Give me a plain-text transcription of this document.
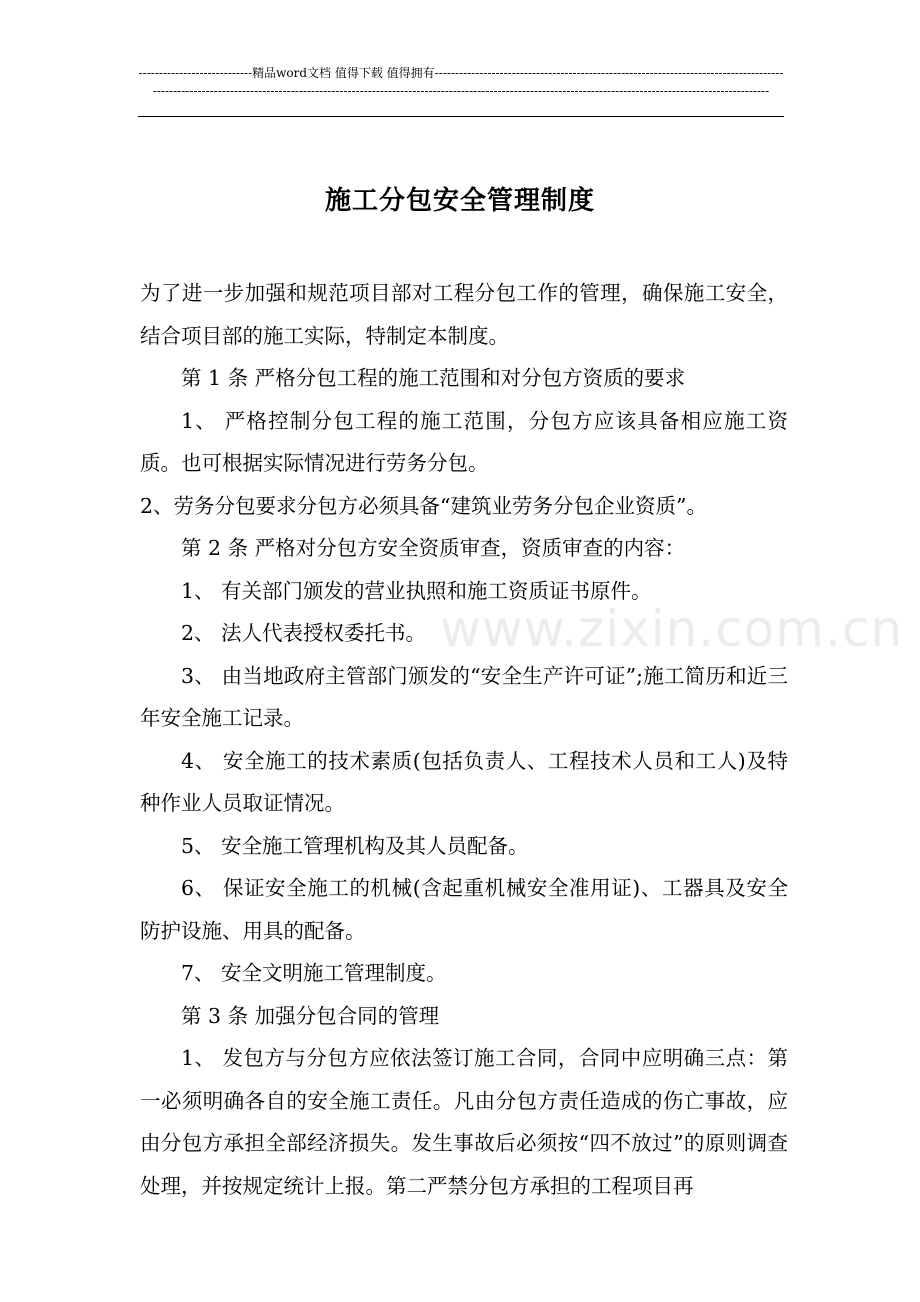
----------------------------精品word文档 值得下载 值得拥有----------------------------------------------------------------------------------------------------------------------------------------------------------------------------------------------------------------------------------------------
施工分包安全管理制度

为了进一步加强和规范项目部对工程分包工作的管理，确保施工安全，结合项目部的施工实际，特制定本制度。

第 1 条 严格分包工程的施工范围和对分包方资质的要求

1、 严格控制分包工程的施工范围，分包方应该具备相应施工资质。也可根据实际情况进行劳务分包。

2、劳务分包要求分包方必须具备“建筑业劳务分包企业资质”。

第 2 条 严格对分包方安全资质审查，资质审查的内容：

1、 有关部门颁发的营业执照和施工资质证书原件。

2、 法人代表授权委托书。

3、 由当地政府主管部门颁发的“安全生产许可证”;施工简历和近三年安全施工记录。

4、 安全施工的技术素质(包括负责人、工程技术人员和工人)及特种作业人员取证情况。

5、 安全施工管理机构及其人员配备。

6、 保证安全施工的机械(含起重机械安全准用证)、工器具及安全防护设施、用具的配备。

7、 安全文明施工管理制度。

第 3 条 加强分包合同的管理

1、 发包方与分包方应依法签订施工合同，合同中应明确三点：第一必须明确各自的安全施工责任。凡由分包方责任造成的伤亡事故，应由分包方承担全部经济损失。发生事故后必须按“四不放过”的原则调查处理，并按规定统计上报。第二严禁分包方承担的工程项目再

www.zixin.com.cn
